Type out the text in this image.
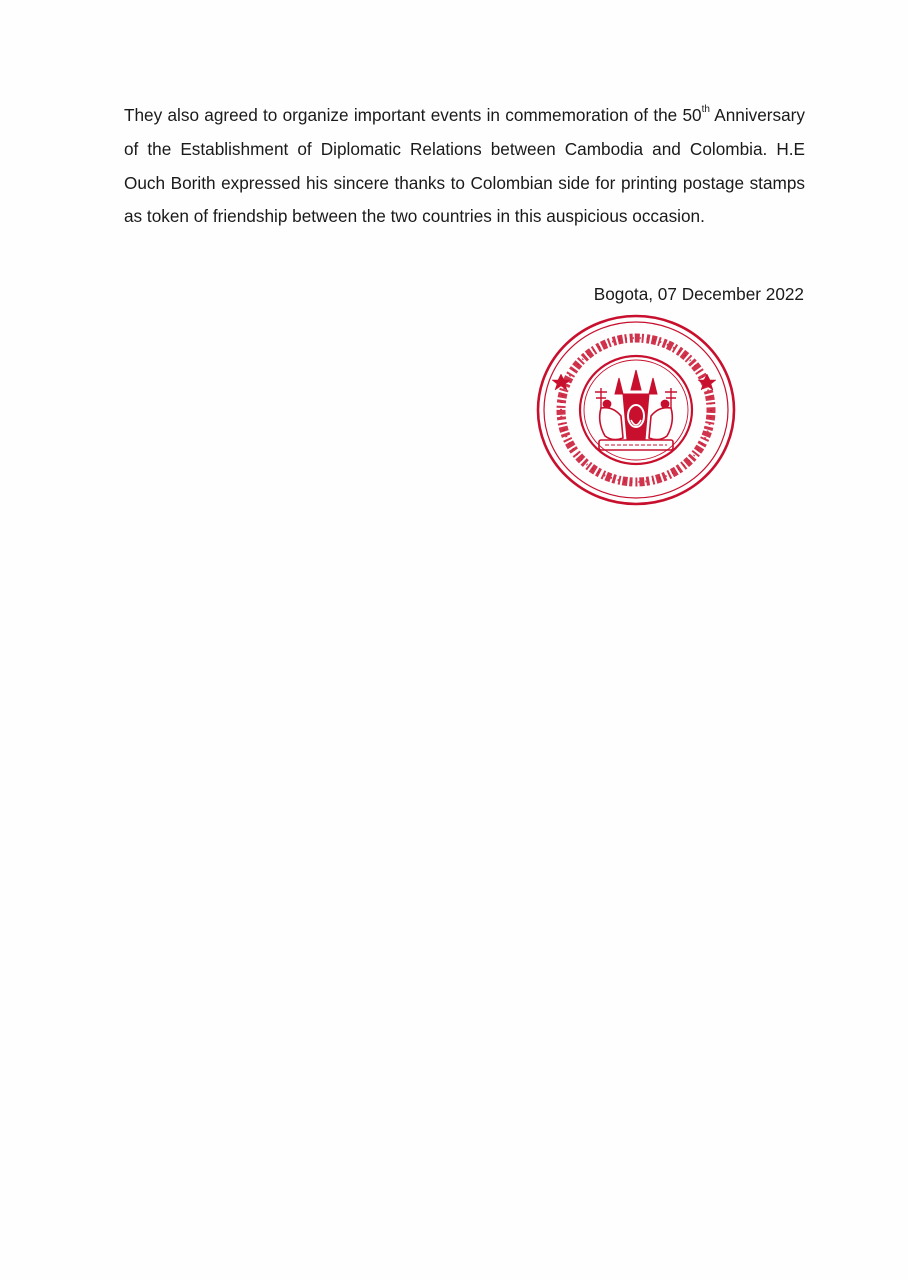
They also agreed to organize important events in commemoration of the 50th Anniversary of the Establishment of Diplomatic Relations between Cambodia and Colombia. H.E Ouch Borith expressed his sincere thanks to Colombian side for printing postage stamps as token of friendship between the two countries in this auspicious occasion.

Bogota, 07 December 2022
